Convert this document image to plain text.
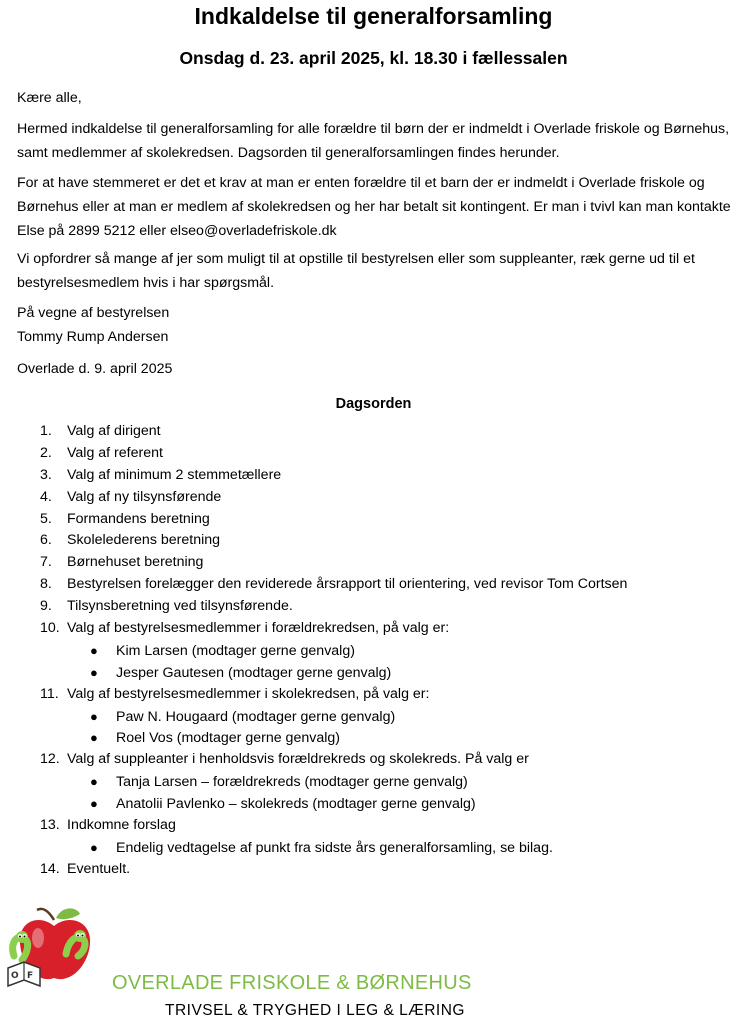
Indkaldelse til generalforsamling
Onsdag d. 23. april 2025, kl. 18.30 i fællessalen

Kære alle,

Hermed indkaldelse til generalforsamling for alle forældre til børn der er indmeldt i Overlade friskole og Børnehus, samt medlemmer af skolekredsen. Dagsorden til generalforsamlingen findes herunder.

For at have stemmeret er det et krav at man er enten forældre til et barn der er indmeldt i Overlade friskole og Børnehus eller at man er medlem af skolekredsen og her har betalt sit kontingent. Er man i tvivl kan man kontakte Else på 2899 5212 eller elseo@overladefriskole.dk

Vi opfordrer så mange af jer som muligt til at opstille til bestyrelsen eller som suppleanter, ræk gerne ud til et bestyrelsesmedlem hvis i har spørgsmål.

På vegne af bestyrelsen
Tommy Rump Andersen

Overlade d. 9. april 2025

Dagsorden
1. Valg af dirigent
2. Valg af referent
3. Valg af minimum 2 stemmetællere
4. Valg af ny tilsynsførende
5. Formandens beretning
6. Skolelederens beretning
7. Børnehuset beretning
8. Bestyrelsen forelægger den reviderede årsrapport til orientering, ved revisor Tom Cortsen
9. Tilsynsberetning ved tilsynsførende.
10. Valg af bestyrelsesmedlemmer i forældrekredsen, på valg er:
● Kim Larsen (modtager gerne genvalg)
● Jesper Gautesen (modtager gerne genvalg)
11. Valg af bestyrelsesmedlemmer i skolekredsen, på valg er:
● Paw N. Hougaard (modtager gerne genvalg)
● Roel Vos (modtager gerne genvalg)
12. Valg af suppleanter i henholdsvis forældrekreds og skolekreds. På valg er
● Tanja Larsen – forældrekreds (modtager gerne genvalg)
● Anatolii Pavlenko – skolekreds (modtager gerne genvalg)
13. Indkomne forslag
● Endelig vedtagelse af punkt fra sidste års generalforsamling, se bilag.
14. Eventuelt.
O F	OVERLADE FRISKOLE & BØRNEHUS
TRIVSEL & TRYGHED I LEG & LÆRING
